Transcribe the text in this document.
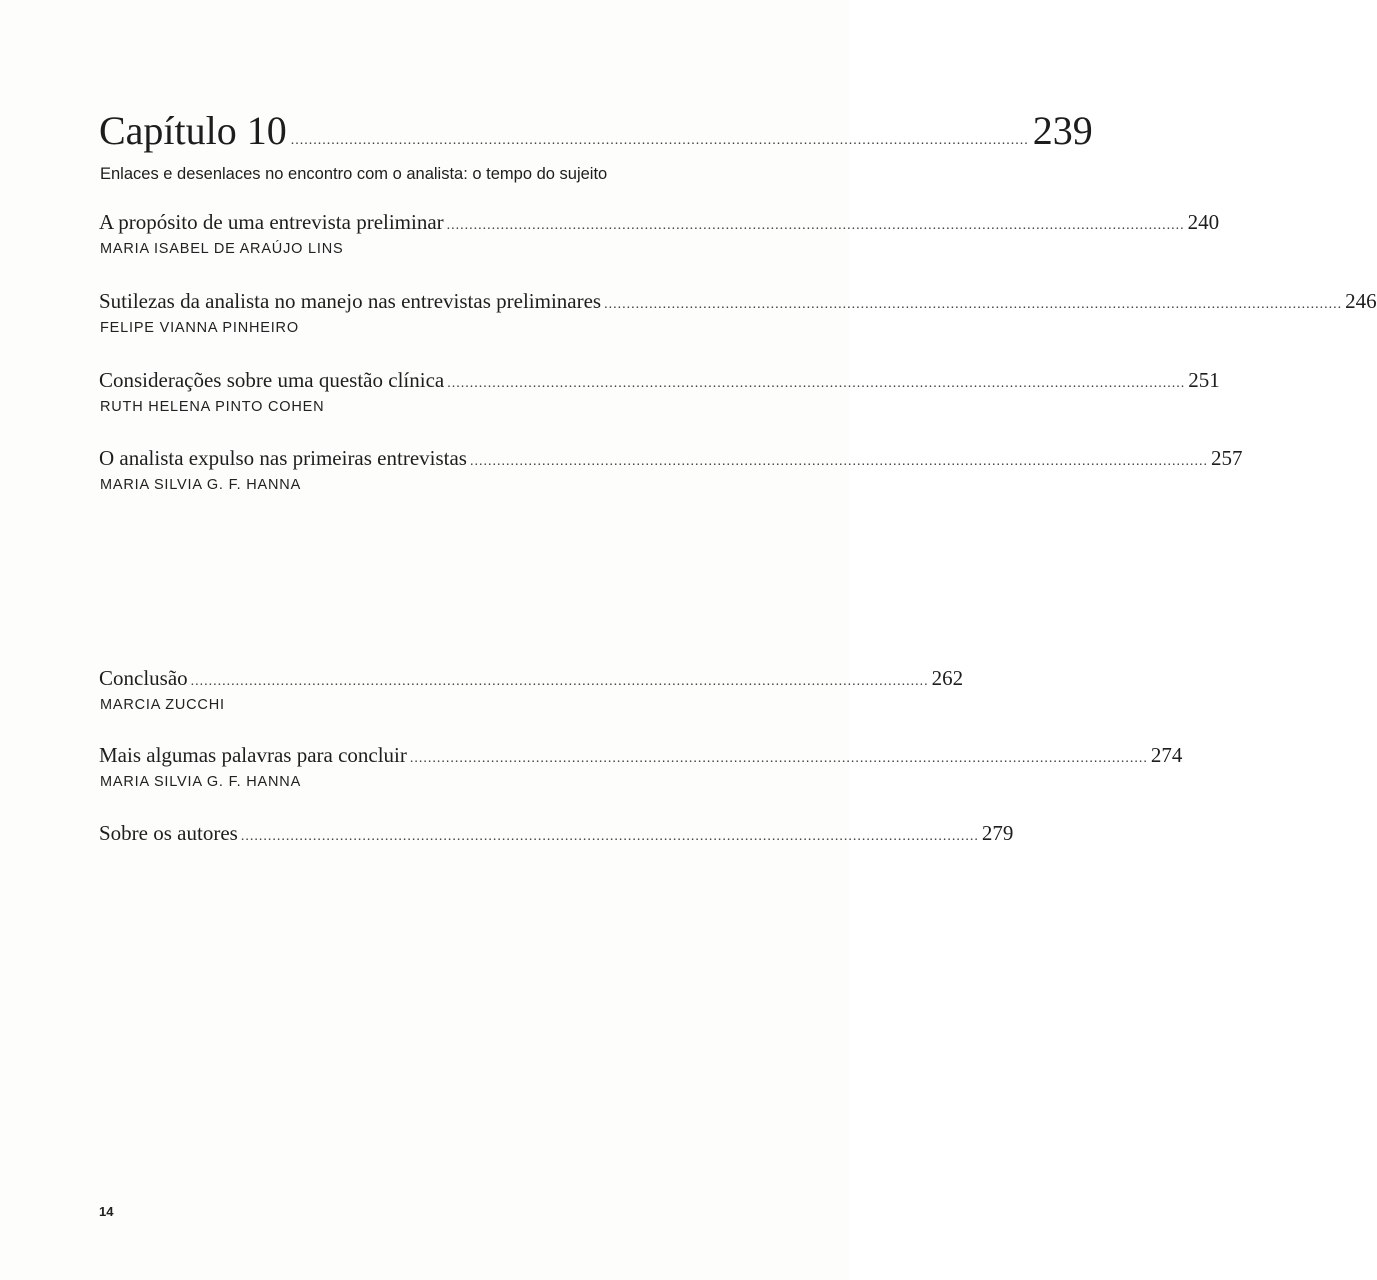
Capítulo 10 .................................................................................................................................................................... 239
Enlaces e desenlaces no encontro com o analista: o tempo do sujeito
A propósito de uma entrevista preliminar .................................................................................................................................................................... 240
MARIA ISABEL DE ARAÚJO LINS
Sutilezas da analista no manejo nas entrevistas preliminares .................................................................................................................................................................... 246
FELIPE VIANNA PINHEIRO
Considerações sobre uma questão clínica .................................................................................................................................................................... 251
RUTH HELENA PINTO COHEN
O analista expulso nas primeiras entrevistas .................................................................................................................................................................... 257
MARIA SILVIA G. F. HANNA
Conclusão .................................................................................................................................................................... 262
MARCIA ZUCCHI
Mais algumas palavras para concluir .................................................................................................................................................................... 274
MARIA SILVIA G. F. HANNA
Sobre os autores .................................................................................................................................................................... 279
14
